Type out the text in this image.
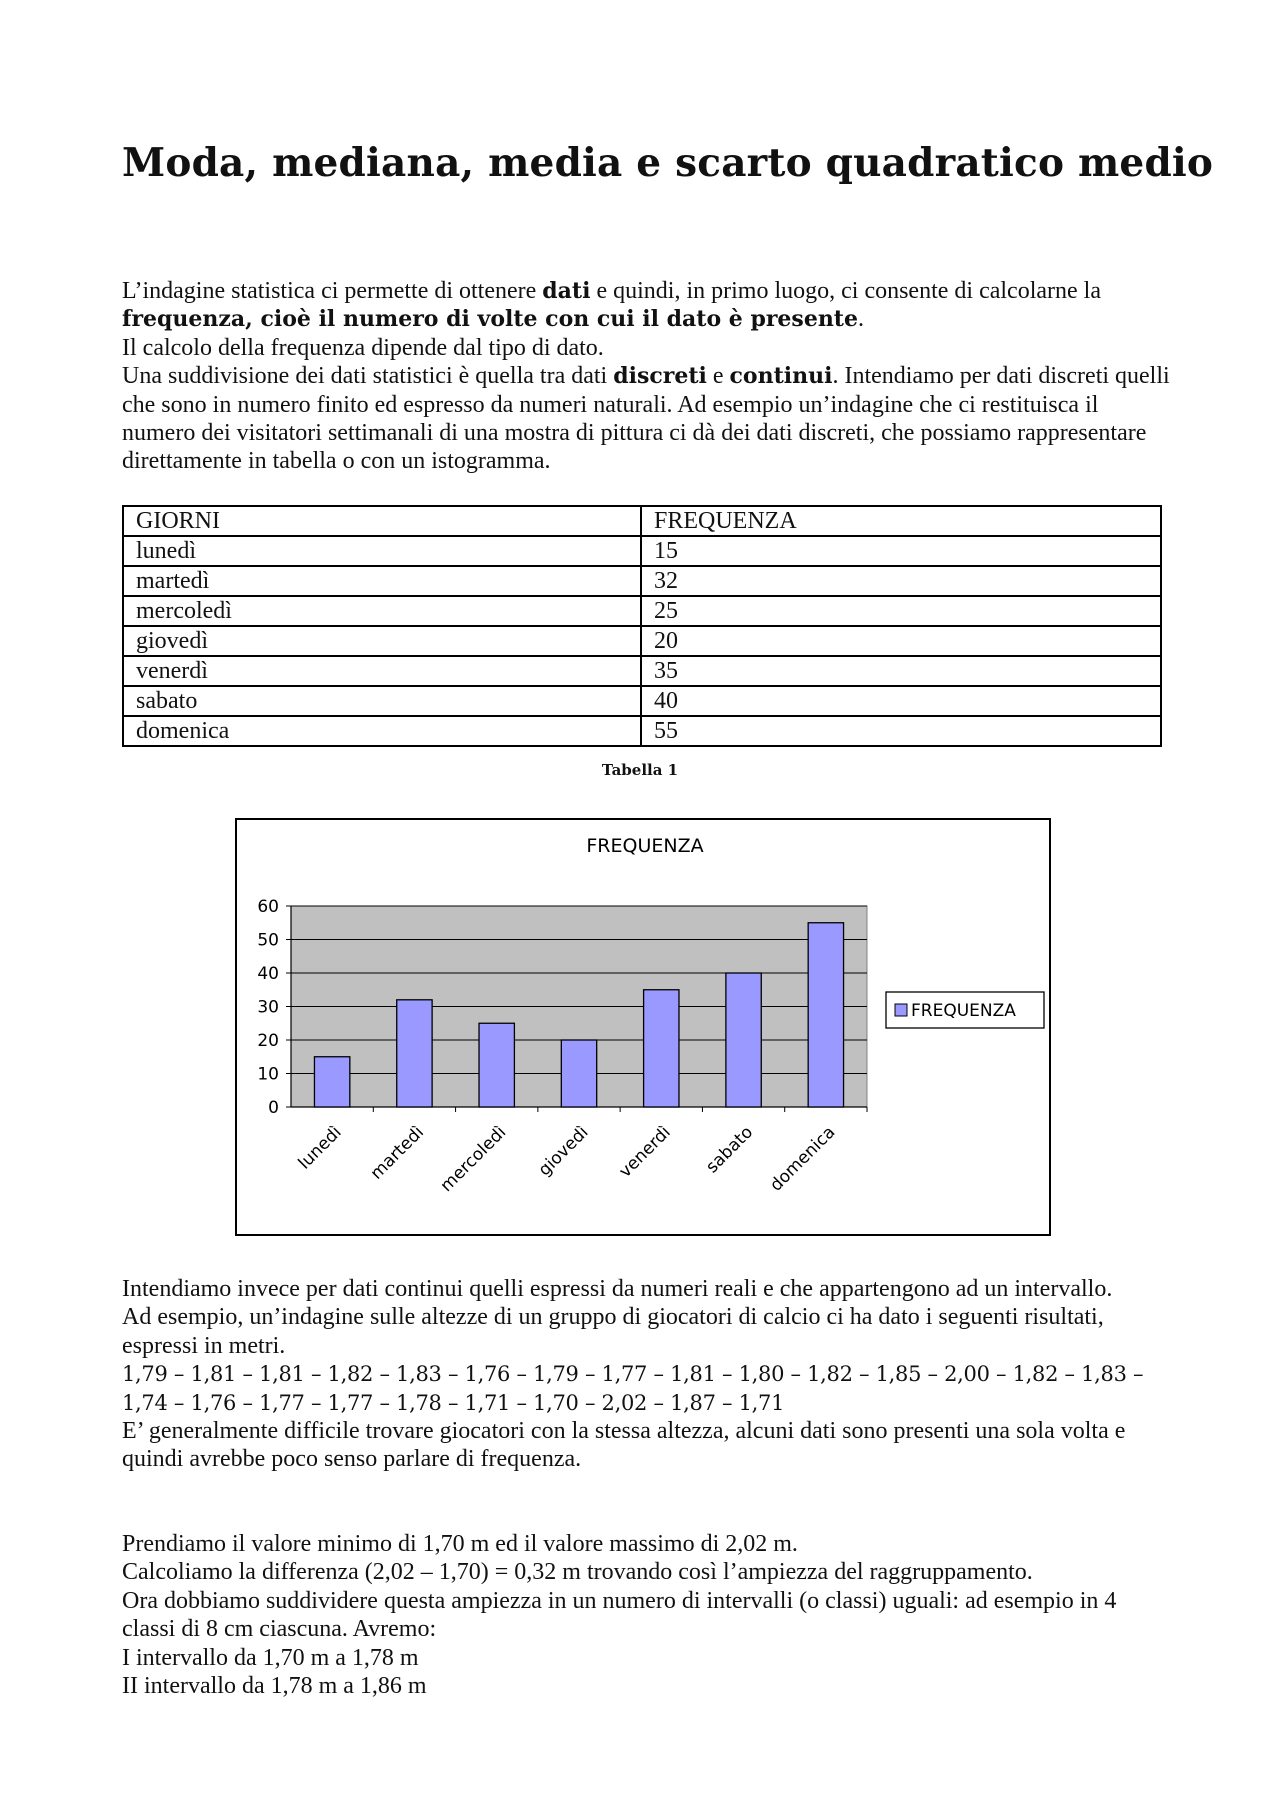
Moda, mediana, media e scarto quadratico medio

L’indagine statistica ci permette di ottenere dati e quindi, in primo luogo, ci consente di calcolarne la frequenza, cioè il numero di volte con cui il dato è presente.
Il calcolo della frequenza dipende dal tipo di dato.
Una suddivisione dei dati statistici è quella tra dati discreti e continui. Intendiamo per dati discreti quelli che sono in numero finito ed espresso da numeri naturali. Ad esempio un’indagine che ci restituisca il numero dei visitatori settimanali di una mostra di pittura ci dà dei dati discreti, che possiamo rappresentare direttamente in tabella o con un istogramma.

GIORNI	FREQUENZA
lunedì	15
martedì	32
mercoledì	25
giovedì	20
venerdì	35
sabato	40
domenica	55
Tabella 1
FREQUENZA
0
10
20
30
40
50
60
lunedì martedì mercoledì giovedì venerdì sabato domenica
FREQUENZA

Intendiamo invece per dati continui quelli espressi da numeri reali e che appartengono ad un intervallo.
Ad esempio, un’indagine sulle altezze di un gruppo di giocatori di calcio ci ha dato i seguenti risultati, espressi in metri.
1,79 – 1,81 – 1,81 – 1,82 – 1,83 – 1,76 – 1,79 – 1,77 – 1,81 – 1,80 – 1,82 – 1,85 – 2,00 – 1,82 – 1,83 – 1,74 – 1,76 – 1,77 – 1,77 – 1,78 – 1,71 – 1,70 – 2,02 – 1,87 – 1,71
E’ generalmente difficile trovare giocatori con la stessa altezza, alcuni dati sono presenti una sola volta e quindi avrebbe poco senso parlare di frequenza.

Prendiamo il valore minimo di 1,70 m ed il valore massimo di 2,02 m.
Calcoliamo la differenza (2,02 – 1,70) = 0,32 m trovando così l’ampiezza del raggruppamento.
Ora dobbiamo suddividere questa ampiezza in un numero di intervalli (o classi) uguali: ad esempio in 4 classi di 8 cm ciascuna. Avremo:
I intervallo da 1,70 m a 1,78 m
II intervallo da 1,78 m a 1,86 m
